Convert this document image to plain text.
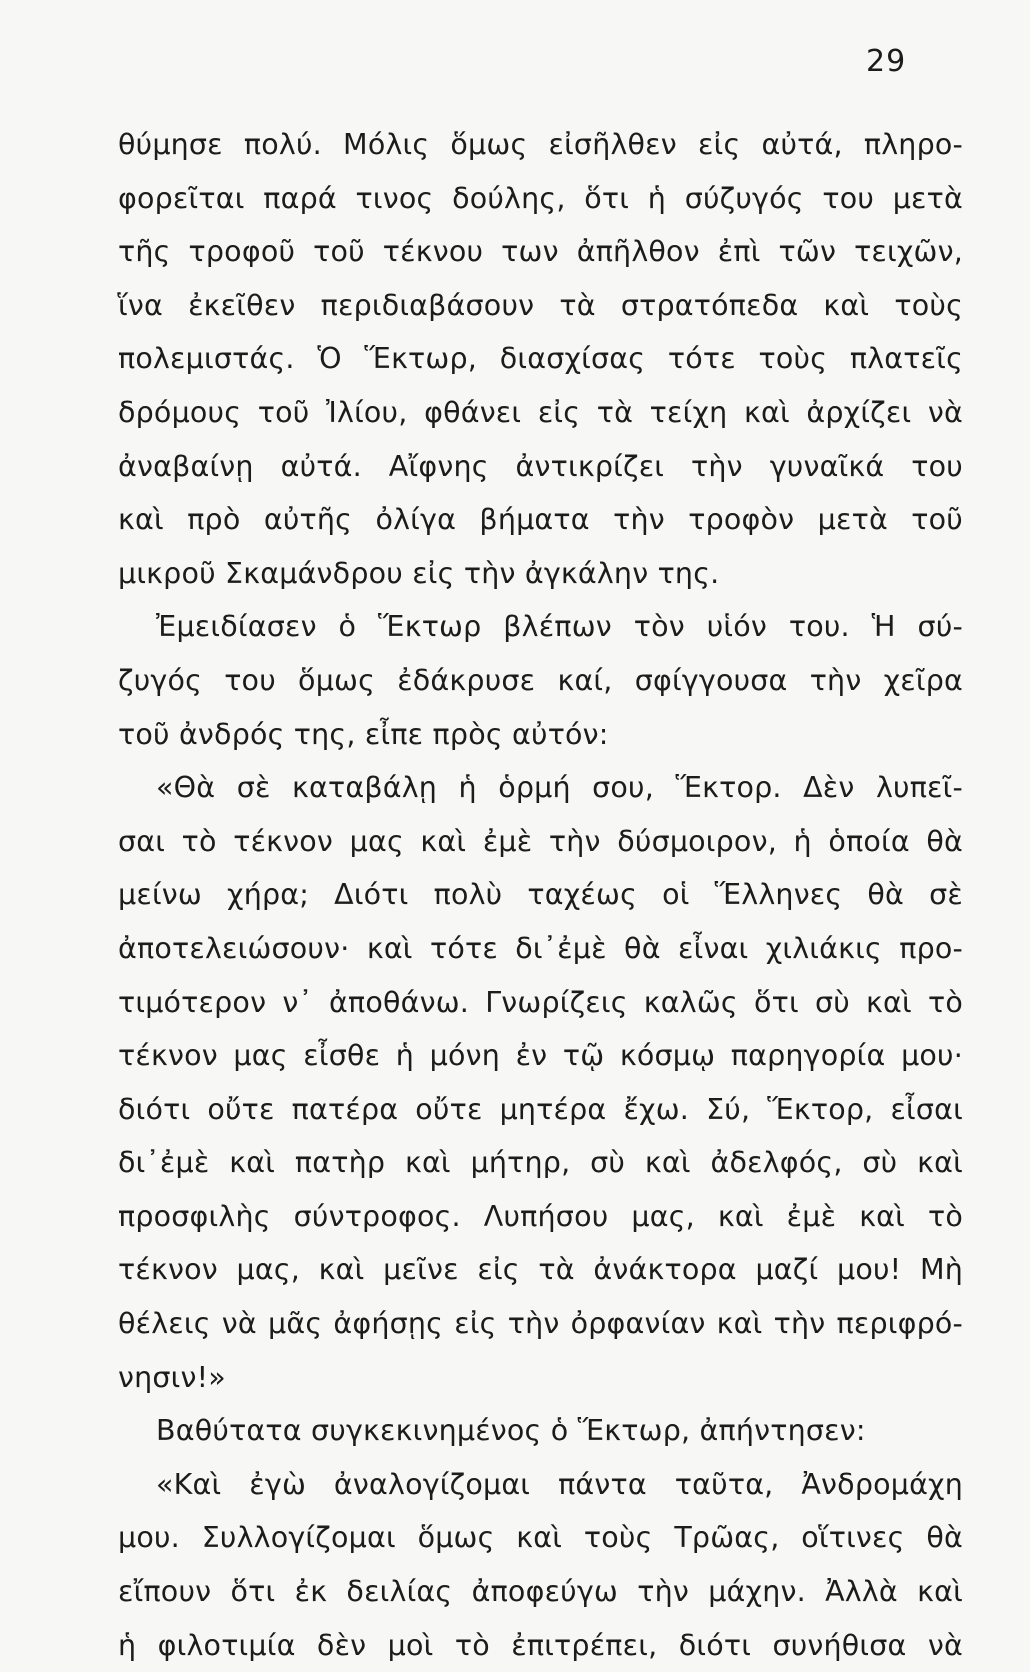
29
θύμησε πολύ. Μόλις ὅμως εἰσῆλθεν εἰς αὐτά, πληρο-
φορεῖται παρά τινος δούλης, ὅτι ἡ σύζυγός του μετὰ
τῆς τροφοῦ τοῦ τέκνου των ἀπῆλθον ἐπὶ τῶν τειχῶν,
ἵνα ἐκεῖθεν περιδιαβάσουν τὰ στρατόπεδα καὶ τοὺς
πολεμιστάς. Ὁ Ἕκτωρ, διασχίσας τότε τοὺς πλατεῖς
δρόμους τοῦ Ἰλίου, φθάνει εἰς τὰ τείχη καὶ ἀρχίζει νὰ
ἀναβαίνῃ αὐτά. Αἴφνης ἀντικρίζει τὴν γυναῖκά του
καὶ πρὸ αὐτῆς ὀλίγα βήματα τὴν τροφὸν μετὰ τοῦ
μικροῦ Σκαμάνδρου εἰς τὴν ἀγκάλην της.
Ἐμειδίασεν ὁ Ἕκτωρ βλέπων τὸν υἱόν του. Ἡ σύ-
ζυγός του ὅμως ἐδάκρυσε καί, σφίγγουσα τὴν χεῖρα
τοῦ ἀνδρός της, εἶπε πρὸς αὐτόν:
«Θὰ σὲ καταβάλῃ ἡ ὁρμή σου, Ἕκτορ. Δὲν λυπεῖ-
σαι τὸ τέκνον μας καὶ ἐμὲ τὴν δύσμοιρον, ἡ ὁποία θὰ
μείνω χήρα; Διότι πολὺ ταχέως οἱ Ἕλληνες θὰ σὲ
ἀποτελειώσουν· καὶ τότε δι᾽ἐμὲ θὰ εἶναι χιλιάκις προ-
τιμότερον ν᾽ ἀποθάνω. Γνωρίζεις καλῶς ὅτι σὺ καὶ τὸ
τέκνον μας εἶσθε ἡ μόνη ἐν τῷ κόσμῳ παρηγορία μου·
διότι οὔτε πατέρα οὔτε μητέρα ἔχω. Σύ, Ἕκτορ, εἶσαι
δι᾽ἐμὲ καὶ πατὴρ καὶ μήτηρ, σὺ καὶ ἀδελφός, σὺ καὶ
προσφιλὴς σύντροφος. Λυπήσου μας, καὶ ἐμὲ καὶ τὸ
τέκνον μας, καὶ μεῖνε εἰς τὰ ἀνάκτορα μαζί μου! Μὴ
θέλεις νὰ μᾶς ἀφήσῃς εἰς τὴν ὀρφανίαν καὶ τὴν περιφρό-
νησιν!»
Βαθύτατα συγκεκινημένος ὁ Ἕκτωρ, ἀπήντησεν:
«Καὶ ἐγὼ ἀναλογίζομαι πάντα ταῦτα, Ἀνδρομάχη
μου. Συλλογίζομαι ὅμως καὶ τοὺς Τρῶας, οἵτινες θὰ
εἴπουν ὅτι ἐκ δειλίας ἀποφεύγω τὴν μάχην. Ἀλλὰ καὶ
ἡ φιλοτιμία δὲν μοὶ τὸ ἐπιτρέπει, διότι συνήθισα νὰ
